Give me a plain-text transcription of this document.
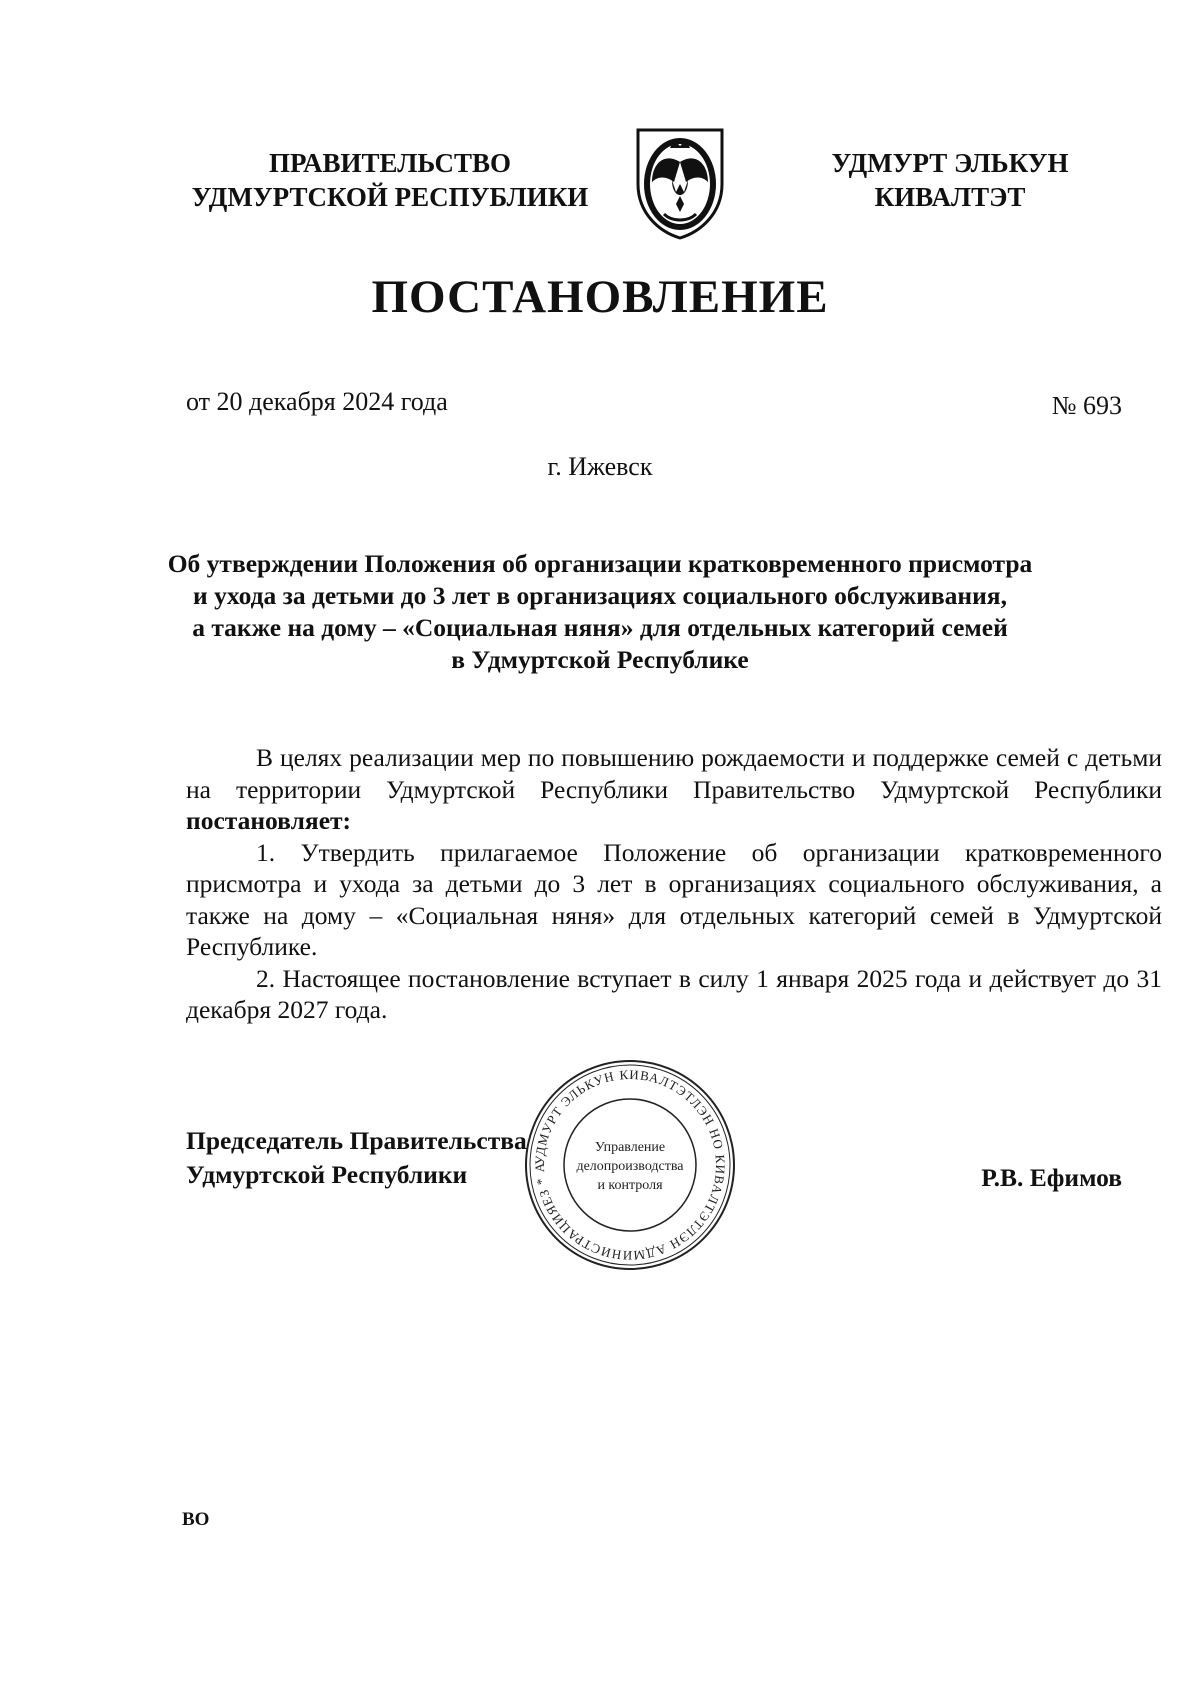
ПРАВИТЕЛЬСТВО
УДМУРТСКОЙ РЕСПУБЛИКИ
УДМУРТ ЭЛЬКУН
КИВАЛТЭТ
ПОСТАНОВЛЕНИЕ
от 20 декабря 2024 года	№ 693
г. Ижевск
Об утверждении Положения об организации кратковременного присмотра
и ухода за детьми до 3 лет в организациях социального обслуживания,
а также на дому – «Социальная няня» для отдельных категорий семей
в Удмуртской Республике

В целях реализации мер по повышению рождаемости и поддержке семей с детьми на территории Удмуртской Республики Правительство Удмуртской Республики постановляет:

1. Утвердить прилагаемое Положение об организации кратковременного присмотра и ухода за детьми до 3 лет в организациях социального обслуживания, а также на дому – «Социальная няня» для отдельных категорий семей в Удмуртской Республике.

2. Настоящее постановление вступает в силу 1 января 2025 года и действует до 31 декабря 2027 года.

УДМУРТ ЭЛЬКУН КИВАЛТЭТЛЭН НО КИВАЛТЭТЛЭН АДМИНИСТРАЦИЯЕЗ * А
Управление
делопроизводства
и контроля
Председатель Правительства
Удмуртской Республики	Р.В. Ефимов
ВО
